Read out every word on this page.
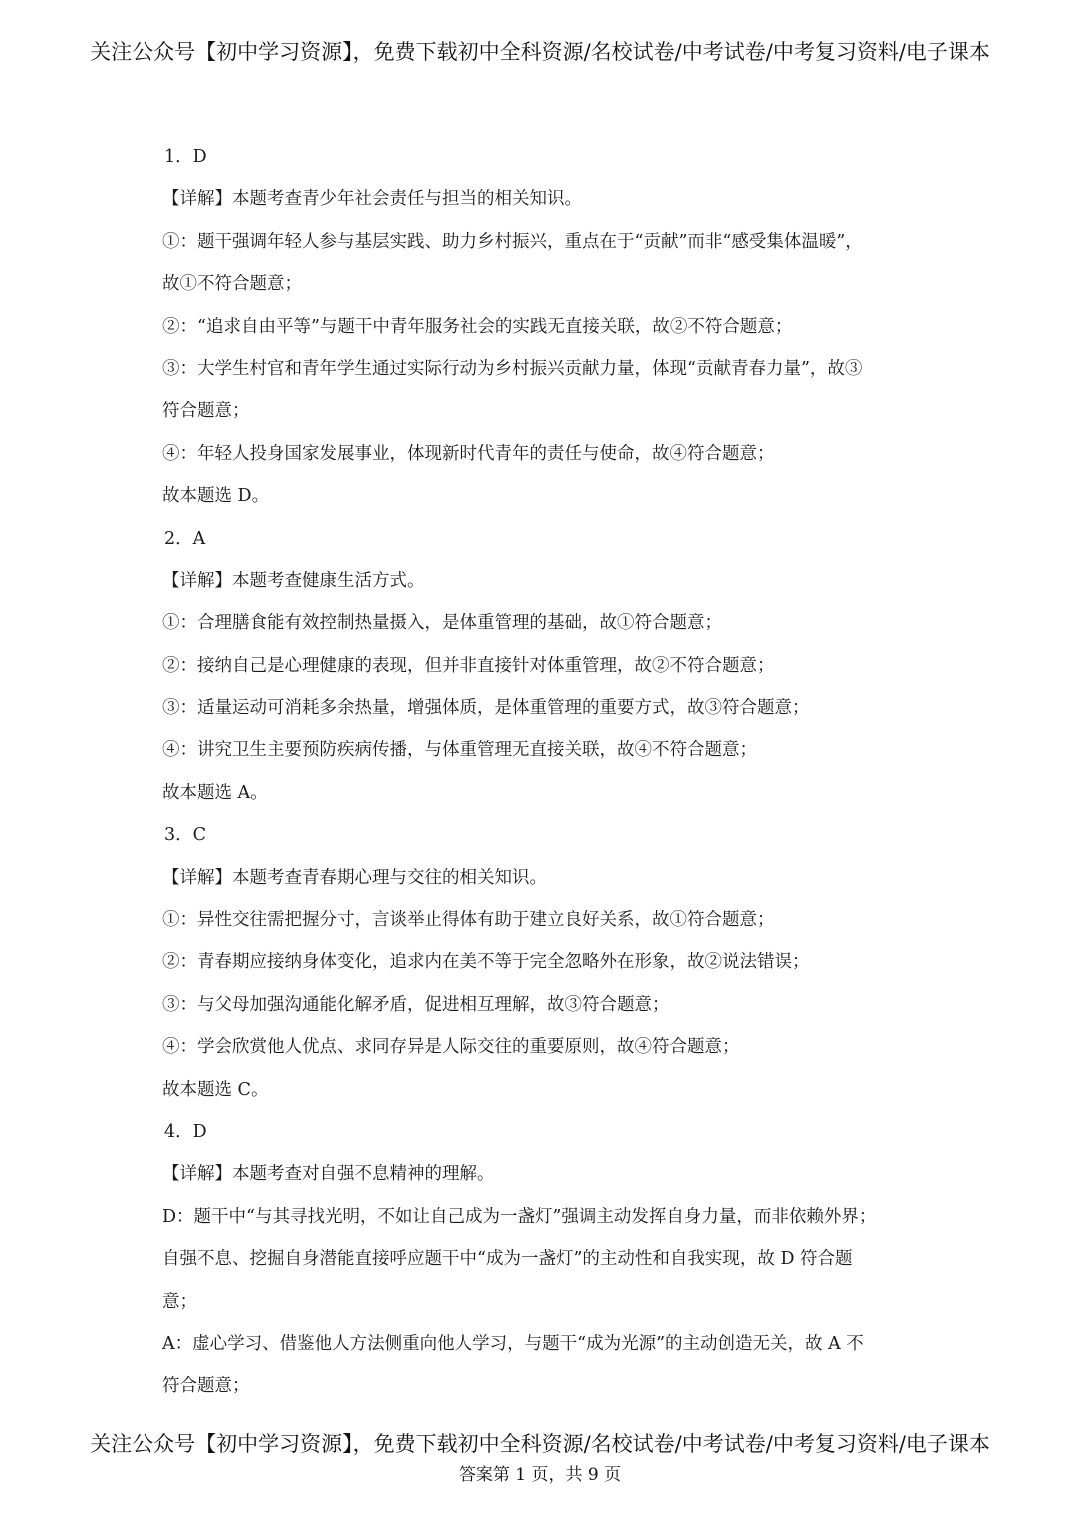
关注公众号【初中学习资源】，免费下载初中全科资源/名校试卷/中考试卷/中考复习资料/电子课本
1．D
【详解】本题考查青少年社会责任与担当的相关知识。
①：题干强调年轻人参与基层实践、助力乡村振兴，重点在于“贡献”而非“感受集体温暖”，
故①不符合题意；
②：“追求自由平等”与题干中青年服务社会的实践无直接关联，故②不符合题意；
③：大学生村官和青年学生通过实际行动为乡村振兴贡献力量，体现“贡献青春力量”，故③
符合题意；
④：年轻人投身国家发展事业，体现新时代青年的责任与使命，故④符合题意；
故本题选 D。
2．A
【详解】本题考查健康生活方式。
①：合理膳食能有效控制热量摄入，是体重管理的基础，故①符合题意；
②：接纳自己是心理健康的表现，但并非直接针对体重管理，故②不符合题意；
③：适量运动可消耗多余热量，增强体质，是体重管理的重要方式，故③符合题意；
④：讲究卫生主要预防疾病传播，与体重管理无直接关联，故④不符合题意；
故本题选 A。
3．C
【详解】本题考查青春期心理与交往的相关知识。
①：异性交往需把握分寸，言谈举止得体有助于建立良好关系，故①符合题意；
②：青春期应接纳身体变化，追求内在美不等于完全忽略外在形象，故②说法错误；
③：与父母加强沟通能化解矛盾，促进相互理解，故③符合题意；
④：学会欣赏他人优点、求同存异是人际交往的重要原则，故④符合题意；
故本题选 C。
4．D
【详解】本题考查对自强不息精神的理解。
D：题干中“与其寻找光明，不如让自己成为一盏灯”强调主动发挥自身力量，而非依赖外界；
自强不息、挖掘自身潜能直接呼应题干中“成为一盏灯”的主动性和自我实现，故 D 符合题
意；
A：虚心学习、借鉴他人方法侧重向他人学习，与题干“成为光源”的主动创造无关，故 A 不
符合题意；
关注公众号【初中学习资源】，免费下载初中全科资源/名校试卷/中考试卷/中考复习资料/电子课本
答案第 1 页，共 9 页
